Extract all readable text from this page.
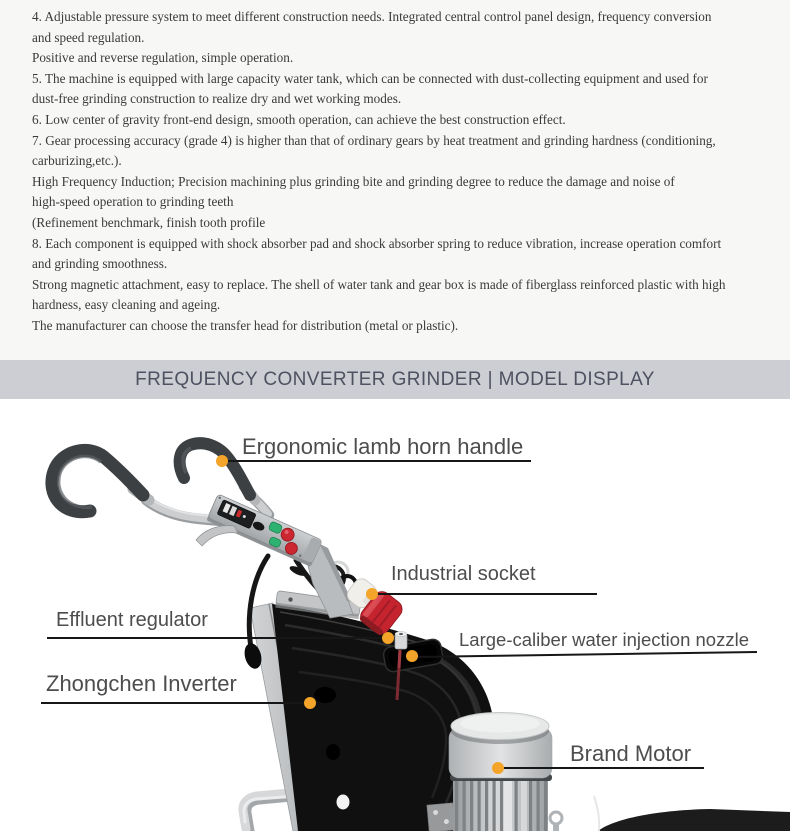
4. Adjustable pressure system to meet different construction needs. Integrated central control panel design, frequency conversion
and speed regulation.
Positive and reverse regulation, simple operation.
5. The machine is equipped with large capacity water tank, which can be connected with dust-collecting equipment and used for
dust-free grinding construction to realize dry and wet working modes.
6. Low center of gravity front-end design, smooth operation, can achieve the best construction effect.
7. Gear processing accuracy (grade 4) is higher than that of ordinary gears by heat treatment and grinding hardness (conditioning,
carburizing,etc.).
High Frequency Induction; Precision machining plus grinding bite and grinding degree to reduce the damage and noise of
high-speed operation to grinding teeth
(Refinement benchmark, finish tooth profile
8. Each component is equipped with shock absorber pad and shock absorber spring to reduce vibration, increase operation comfort
and grinding smoothness.
Strong magnetic attachment, easy to replace. The shell of water tank and gear box is made of fiberglass reinforced plastic with high
hardness, easy cleaning and ageing.
The manufacturer can choose the transfer head for distribution (metal or plastic).
FREQUENCY CONVERTER GRINDER | MODEL DISPLAY
Ergonomic lamb horn handle
Industrial socket
Effluent regulator
Large-caliber water injection nozzle
Zhongchen Inverter
Brand Motor
